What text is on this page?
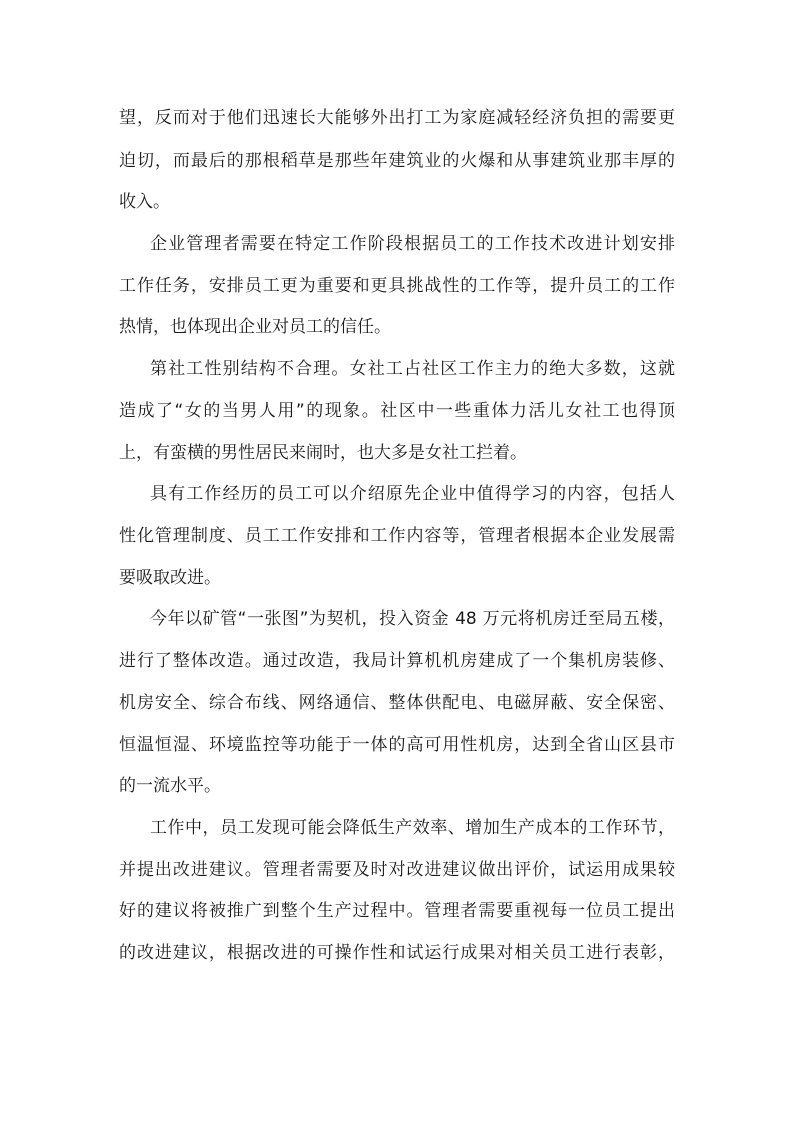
望，反而对于他们迅速长大能够外出打工为家庭减轻经济负担的需要更
迫切，而最后的那根稻草是那些年建筑业的火爆和从事建筑业那丰厚的
收入。
企业管理者需要在特定工作阶段根据员工的工作技术改进计划安排
工作任务，安排员工更为重要和更具挑战性的工作等，提升员工的工作
热情，也体现出企业对员工的信任。
第社工性别结构不合理。女社工占社区工作主力的绝大多数，这就
造成了“女的当男人用”的现象。社区中一些重体力活儿女社工也得顶
上，有蛮横的男性居民来闹时，也大多是女社工拦着。
具有工作经历的员工可以介绍原先企业中值得学习的内容，包括人
性化管理制度、员工工作安排和工作内容等，管理者根据本企业发展需
要吸取改进。
今年以矿管“一张图”为契机，投入资金 48 万元将机房迁至局五楼，
进行了整体改造。通过改造，我局计算机机房建成了一个集机房装修、
机房安全、综合布线、网络通信、整体供配电、电磁屏蔽、安全保密、
恒温恒湿、环境监控等功能于一体的高可用性机房，达到全省山区县市
的一流水平。
工作中，员工发现可能会降低生产效率、增加生产成本的工作环节，
并提出改进建议。管理者需要及时对改进建议做出评价，试运用成果较
好的建议将被推广到整个生产过程中。管理者需要重视每一位员工提出
的改进建议，根据改进的可操作性和试运行成果对相关员工进行表彰，
